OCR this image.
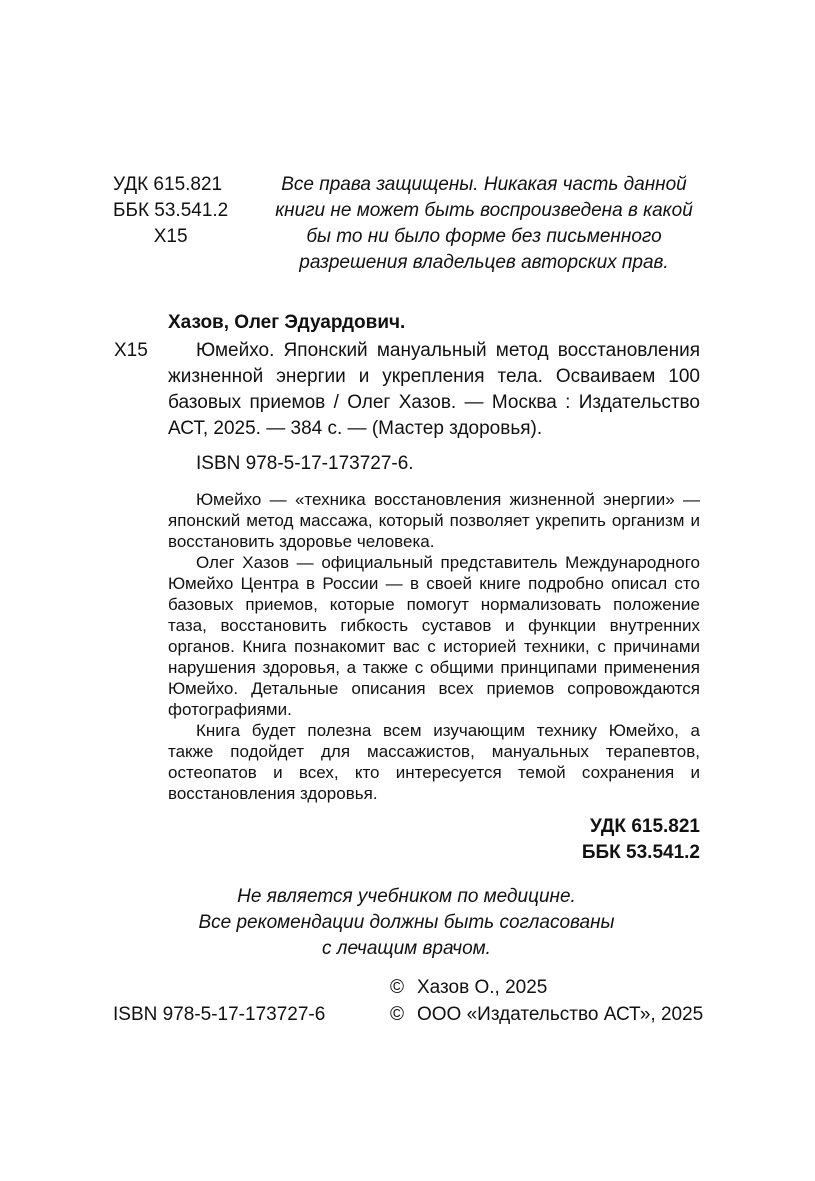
УДК 615.821
ББК 53.541.2
Х15
Все права защищены. Никакая часть данной книги не может быть воспроизведена в какой бы то ни было форме без письменного разрешения владельцев авторских прав.
Хазов, Олег Эдуардович.
Х15	Юмейхо. Японский мануальный метод восстановления жизненной энергии и укрепления тела. Осваиваем 100 базовых приемов / Олег Хазов. — Москва : Издательство АСТ, 2025. — 384 с. — (Мастер здоровья).

ISBN 978-5-17-173727-6.

Юмейхо — «техника восстановления жизненной энергии» — японский метод массажа, который позволяет укрепить организм и восстановить здоровье человека.

Олег Хазов — официальный представитель Международного Юмейхо Центра в России — в своей книге подробно описал сто базовых приемов, которые помогут нормализовать положение таза, восстановить гибкость суставов и функции внутренних органов. Книга познакомит вас с историей техники, с причинами нарушения здоровья, а также с общими принципами применения Юмейхо. Детальные описания всех приемов сопровождаются фотографиями.

Книга будет полезна всем изучающим технику Юмейхо, а также подойдет для массажистов, мануальных терапевтов, остеопатов и всех, кто интересуется темой сохранения и восстановления здоровья.

УДК 615.821
ББК 53.541.2
Не является учебником по медицине.
Все рекомендации должны быть согласованы
с лечащим врачом.
ISBN 978-5-17-173727-6
© Хазов О., 2025
© ООО «Издательство АСТ», 2025
